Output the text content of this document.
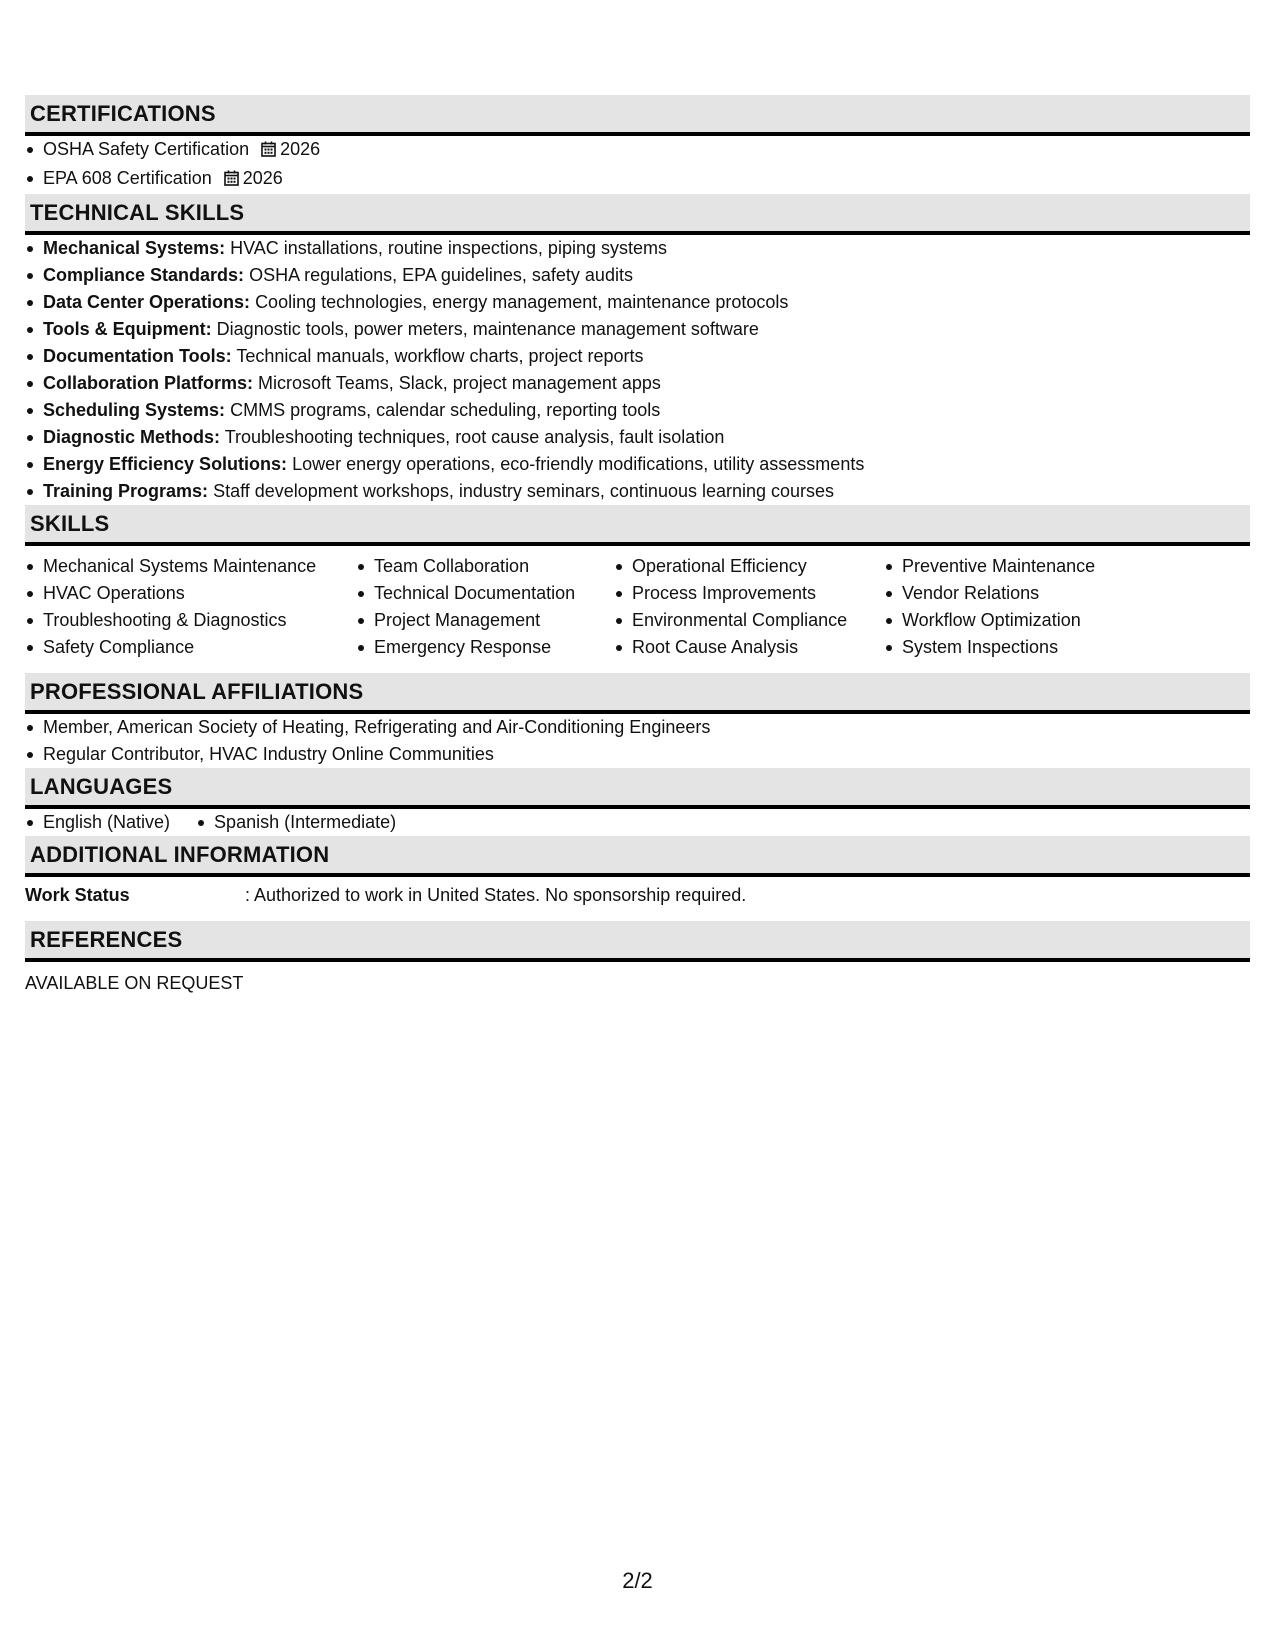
CERTIFICATIONS
OSHA Safety Certification 2026
EPA 608 Certification 2026
TECHNICAL SKILLS
Mechanical Systems: HVAC installations, routine inspections, piping systems
Compliance Standards: OSHA regulations, EPA guidelines, safety audits
Data Center Operations: Cooling technologies, energy management, maintenance protocols
Tools & Equipment: Diagnostic tools, power meters, maintenance management software
Documentation Tools: Technical manuals, workflow charts, project reports
Collaboration Platforms: Microsoft Teams, Slack, project management apps
Scheduling Systems: CMMS programs, calendar scheduling, reporting tools
Diagnostic Methods: Troubleshooting techniques, root cause analysis, fault isolation
Energy Efficiency Solutions: Lower energy operations, eco-friendly modifications, utility assessments
Training Programs: Staff development workshops, industry seminars, continuous learning courses
SKILLS
Mechanical Systems Maintenance
HVAC Operations
Troubleshooting & Diagnostics
Safety Compliance
Team Collaboration
Technical Documentation
Project Management
Emergency Response
Operational Efficiency
Process Improvements
Environmental Compliance
Root Cause Analysis
Preventive Maintenance
Vendor Relations
Workflow Optimization
System Inspections
PROFESSIONAL AFFILIATIONS
Member, American Society of Heating, Refrigerating and Air-Conditioning Engineers
Regular Contributor, HVAC Industry Online Communities
LANGUAGES
English (Native)	Spanish (Intermediate)
ADDITIONAL INFORMATION
Work Status	: Authorized to work in United States. No sponsorship required.
REFERENCES
AVAILABLE ON REQUEST
2/2
